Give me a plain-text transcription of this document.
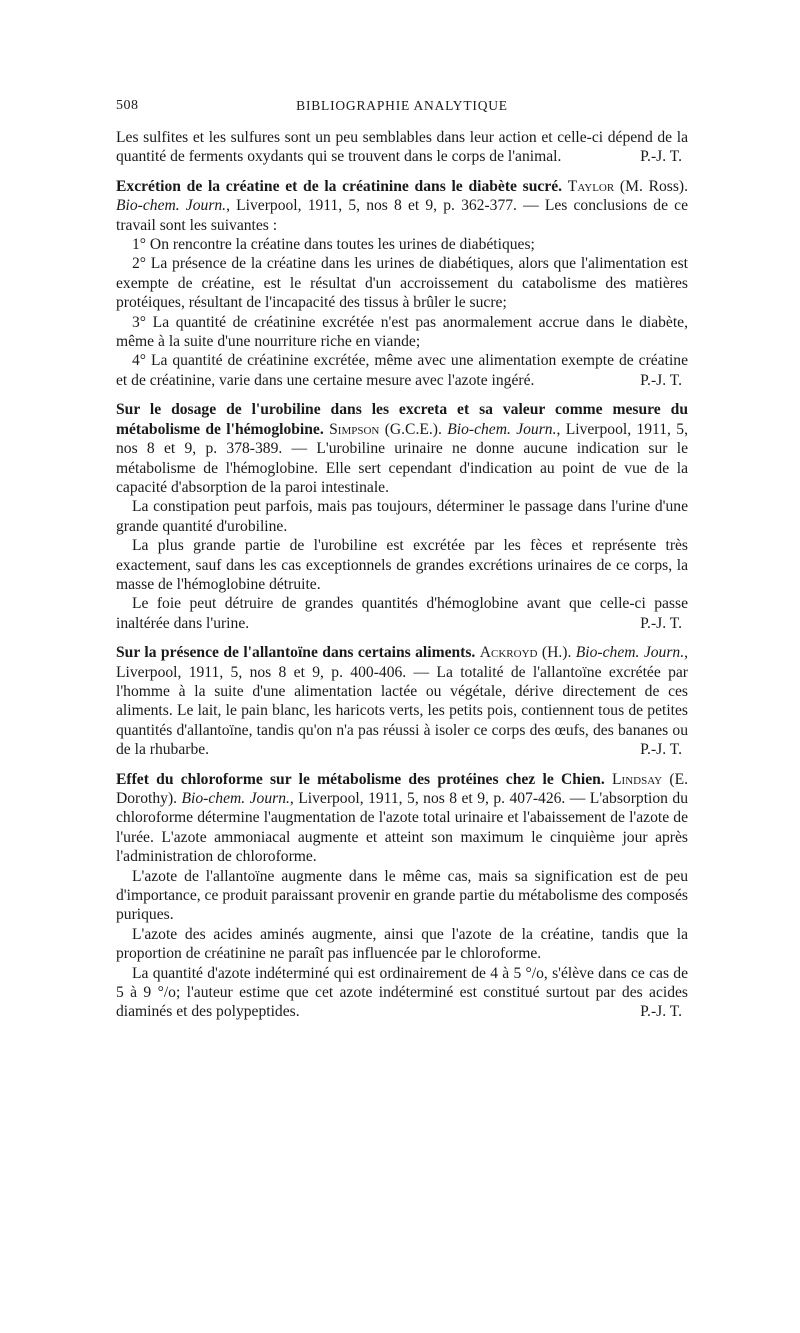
508	BIBLIOGRAPHIE ANALYTIQUE

Les sulfites et les sulfures sont un peu semblables dans leur action et celle-ci dépend de la quantité de ferments oxydants qui se trouvent dans le corps de l'animal.	P.-J. T.

Excrétion de la créatine et de la créatinine dans le diabète sucré. Taylor (M. Ross). Bio-chem. Journ., Liverpool, 1911, 5, nos 8 et 9, p. 362-377. — Les conclusions de ce travail sont les suivantes :

1° On rencontre la créatine dans toutes les urines de diabétiques;

2° La présence de la créatine dans les urines de diabétiques, alors que l'alimentation est exempte de créatine, est le résultat d'un accroissement du catabolisme des matières protéiques, résultant de l'incapacité des tissus à brûler le sucre;

3° La quantité de créatinine excrétée n'est pas anormalement accrue dans le diabète, même à la suite d'une nourriture riche en viande;

4° La quantité de créatinine excrétée, même avec une alimentation exempte de créatine et de créatinine, varie dans une certaine mesure avec l'azote ingéré.	P.-J. T.

Sur le dosage de l'urobiline dans les excreta et sa valeur comme mesure du métabolisme de l'hémoglobine. Simpson (G.C.E.). Bio-chem. Journ., Liverpool, 1911, 5, nos 8 et 9, p. 378-389. — L'urobiline urinaire ne donne aucune indication sur le métabolisme de l'hémoglobine. Elle sert cependant d'indication au point de vue de la capacité d'absorption de la paroi intestinale.

La constipation peut parfois, mais pas toujours, déterminer le passage dans l'urine d'une grande quantité d'urobiline.

La plus grande partie de l'urobiline est excrétée par les fèces et représente très exactement, sauf dans les cas exceptionnels de grandes excrétions urinaires de ce corps, la masse de l'hémoglobine détruite.

Le foie peut détruire de grandes quantités d'hémoglobine avant que celle-ci passe inaltérée dans l'urine.	P.-J. T.

Sur la présence de l'allantoïne dans certains aliments. Ackroyd (H.). Bio-chem. Journ., Liverpool, 1911, 5, nos 8 et 9, p. 400-406. — La totalité de l'allantoïne excrétée par l'homme à la suite d'une alimentation lactée ou végétale, dérive directement de ces aliments. Le lait, le pain blanc, les haricots verts, les petits pois, contiennent tous de petites quantités d'allantoïne, tandis qu'on n'a pas réussi à isoler ce corps des œufs, des bananes ou de la rhubarbe.	P.-J. T.

Effet du chloroforme sur le métabolisme des protéines chez le Chien. Lindsay (E. Dorothy). Bio-chem. Journ., Liverpool, 1911, 5, nos 8 et 9, p. 407-426. — L'absorption du chloroforme détermine l'augmentation de l'azote total urinaire et l'abaissement de l'azote de l'urée. L'azote ammoniacal augmente et atteint son maximum le cinquième jour après l'administration de chloroforme.

L'azote de l'allantoïne augmente dans le même cas, mais sa signification est de peu d'importance, ce produit paraissant provenir en grande partie du métabolisme des composés puriques.

L'azote des acides aminés augmente, ainsi que l'azote de la créatine, tandis que la proportion de créatinine ne paraît pas influencée par le chloroforme.

La quantité d'azote indéterminé qui est ordinairement de 4 à 5 °/o, s'élève dans ce cas de 5 à 9 °/o; l'auteur estime que cet azote indéterminé est constitué surtout par des acides diaminés et des polypeptides.	P.-J. T.
